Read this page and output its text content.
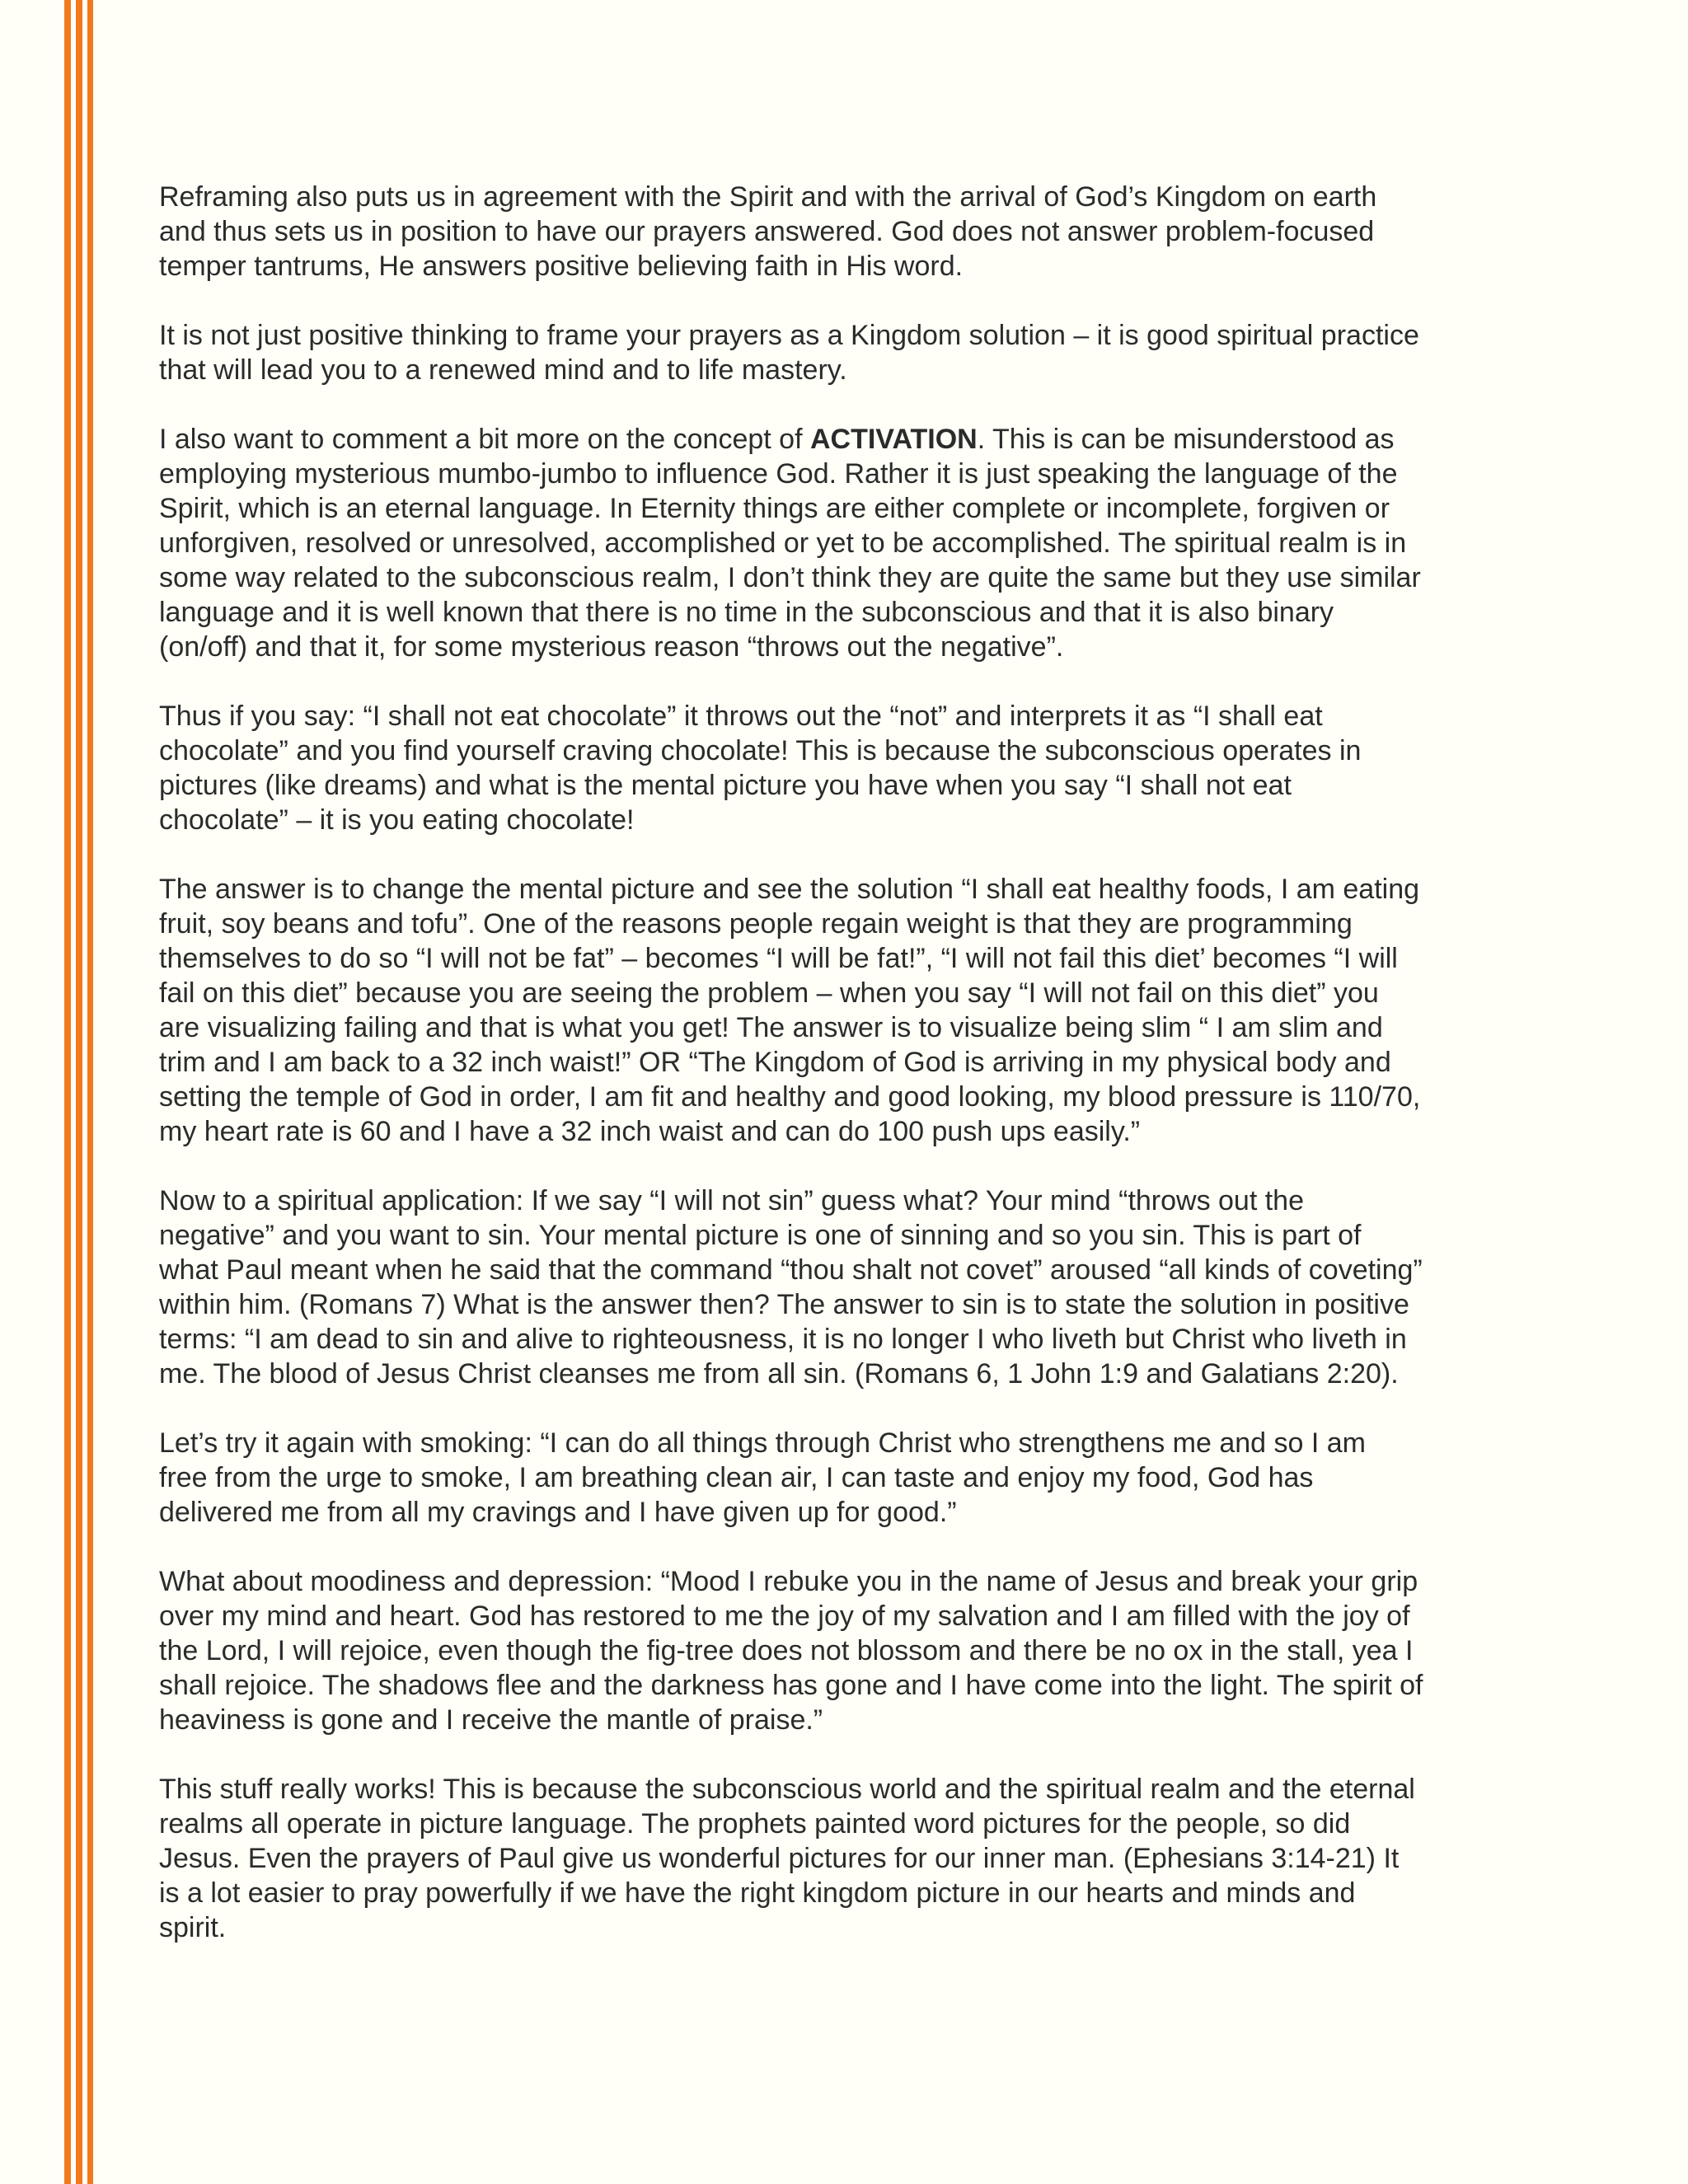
Reframing also puts us in agreement with the Spirit and with the arrival of God’s Kingdom on earth
and thus sets us in position to have our prayers answered. God does not answer problem-focused
temper tantrums, He answers positive believing faith in His word.

It is not just positive thinking to frame your prayers as a Kingdom solution – it is good spiritual practice
that will lead you to a renewed mind and to life mastery.

I also want to comment a bit more on the concept of ACTIVATION. This is can be misunderstood as
employing mysterious mumbo-jumbo to influence God. Rather it is just speaking the language of the
Spirit, which is an eternal language. In Eternity things are either complete or incomplete, forgiven or
unforgiven, resolved or unresolved, accomplished or yet to be accomplished. The spiritual realm is in
some way related to the subconscious realm, I don’t think they are quite the same but they use similar
language and it is well known that there is no time in the subconscious and that it is also binary
(on/off) and that it, for some mysterious reason “throws out the negative”.

Thus if you say: “I shall not eat chocolate” it throws out the “not” and interprets it as “I shall eat
chocolate” and you find yourself craving chocolate! This is because the subconscious operates in
pictures (like dreams) and what is the mental picture you have when you say “I shall not eat
chocolate” – it is you eating chocolate!

The answer is to change the mental picture and see the solution “I shall eat healthy foods, I am eating
fruit, soy beans and tofu”. One of the reasons people regain weight is that they are programming
themselves to do so “I will not be fat” – becomes “I will be fat!”, “I will not fail this diet’ becomes “I will
fail on this diet” because you are seeing the problem – when you say “I will not fail on this diet” you
are visualizing failing and that is what you get! The answer is to visualize being slim “ I am slim and
trim and I am back to a 32 inch waist!” OR “The Kingdom of God is arriving in my physical body and
setting the temple of God in order, I am fit and healthy and good looking, my blood pressure is 110/70,
my heart rate is 60 and I have a 32 inch waist and can do 100 push ups easily.”

Now to a spiritual application: If we say “I will not sin” guess what? Your mind “throws out the
negative” and you want to sin. Your mental picture is one of sinning and so you sin. This is part of
what Paul meant when he said that the command “thou shalt not covet” aroused “all kinds of coveting”
within him. (Romans 7) What is the answer then? The answer to sin is to state the solution in positive
terms: “I am dead to sin and alive to righteousness, it is no longer I who liveth but Christ who liveth in
me. The blood of Jesus Christ cleanses me from all sin. (Romans 6, 1 John 1:9 and Galatians 2:20).

Let’s try it again with smoking: “I can do all things through Christ who strengthens me and so I am
free from the urge to smoke, I am breathing clean air, I can taste and enjoy my food, God has
delivered me from all my cravings and I have given up for good.”

What about moodiness and depression: “Mood I rebuke you in the name of Jesus and break your grip
over my mind and heart. God has restored to me the joy of my salvation and I am filled with the joy of
the Lord, I will rejoice, even though the fig-tree does not blossom and there be no ox in the stall, yea I
shall rejoice. The shadows flee and the darkness has gone and I have come into the light. The spirit of
heaviness is gone and I receive the mantle of praise.”

This stuff really works! This is because the subconscious world and the spiritual realm and the eternal
realms all operate in picture language. The prophets painted word pictures for the people, so did
Jesus. Even the prayers of Paul give us wonderful pictures for our inner man. (Ephesians 3:14-21) It
is a lot easier to pray powerfully if we have the right kingdom picture in our hearts and minds and
spirit.
